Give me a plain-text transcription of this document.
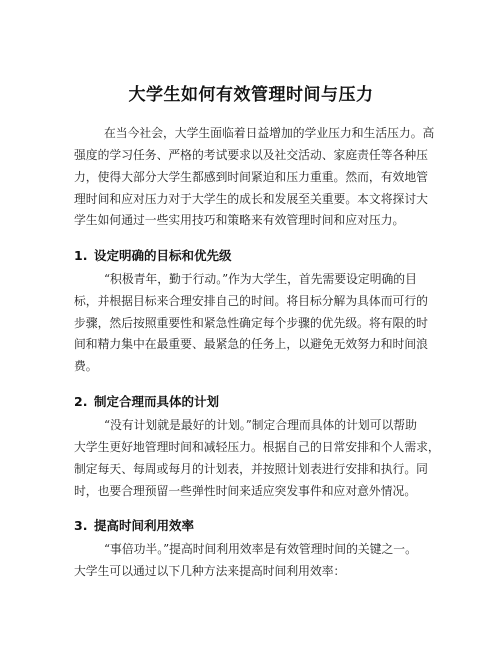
大学生如何有效管理时间与压力
在当今社会，大学生面临着日益增加的学业压力和生活压力。高
强度的学习任务、严格的考试要求以及社交活动、家庭责任等各种压
力，使得大部分大学生都感到时间紧迫和压力重重。然而，有效地管
理时间和应对压力对于大学生的成长和发展至关重要。本文将探讨大
学生如何通过一些实用技巧和策略来有效管理时间和应对压力。
1. 设定明确的目标和优先级
“积极青年，勤于行动。”作为大学生，首先需要设定明确的目
标，并根据目标来合理安排自己的时间。将目标分解为具体而可行的
步骤，然后按照重要性和紧急性确定每个步骤的优先级。将有限的时
间和精力集中在最重要、最紧急的任务上，以避免无效努力和时间浪
费。
2. 制定合理而具体的计划
“没有计划就是最好的计划。”制定合理而具体的计划可以帮助
大学生更好地管理时间和减轻压力。根据自己的日常安排和个人需求，
制定每天、每周或每月的计划表，并按照计划表进行安排和执行。同
时，也要合理预留一些弹性时间来适应突发事件和应对意外情况。
3. 提高时间利用效率
“事倍功半。”提高时间利用效率是有效管理时间的关键之一。
大学生可以通过以下几种方法来提高时间利用效率：
